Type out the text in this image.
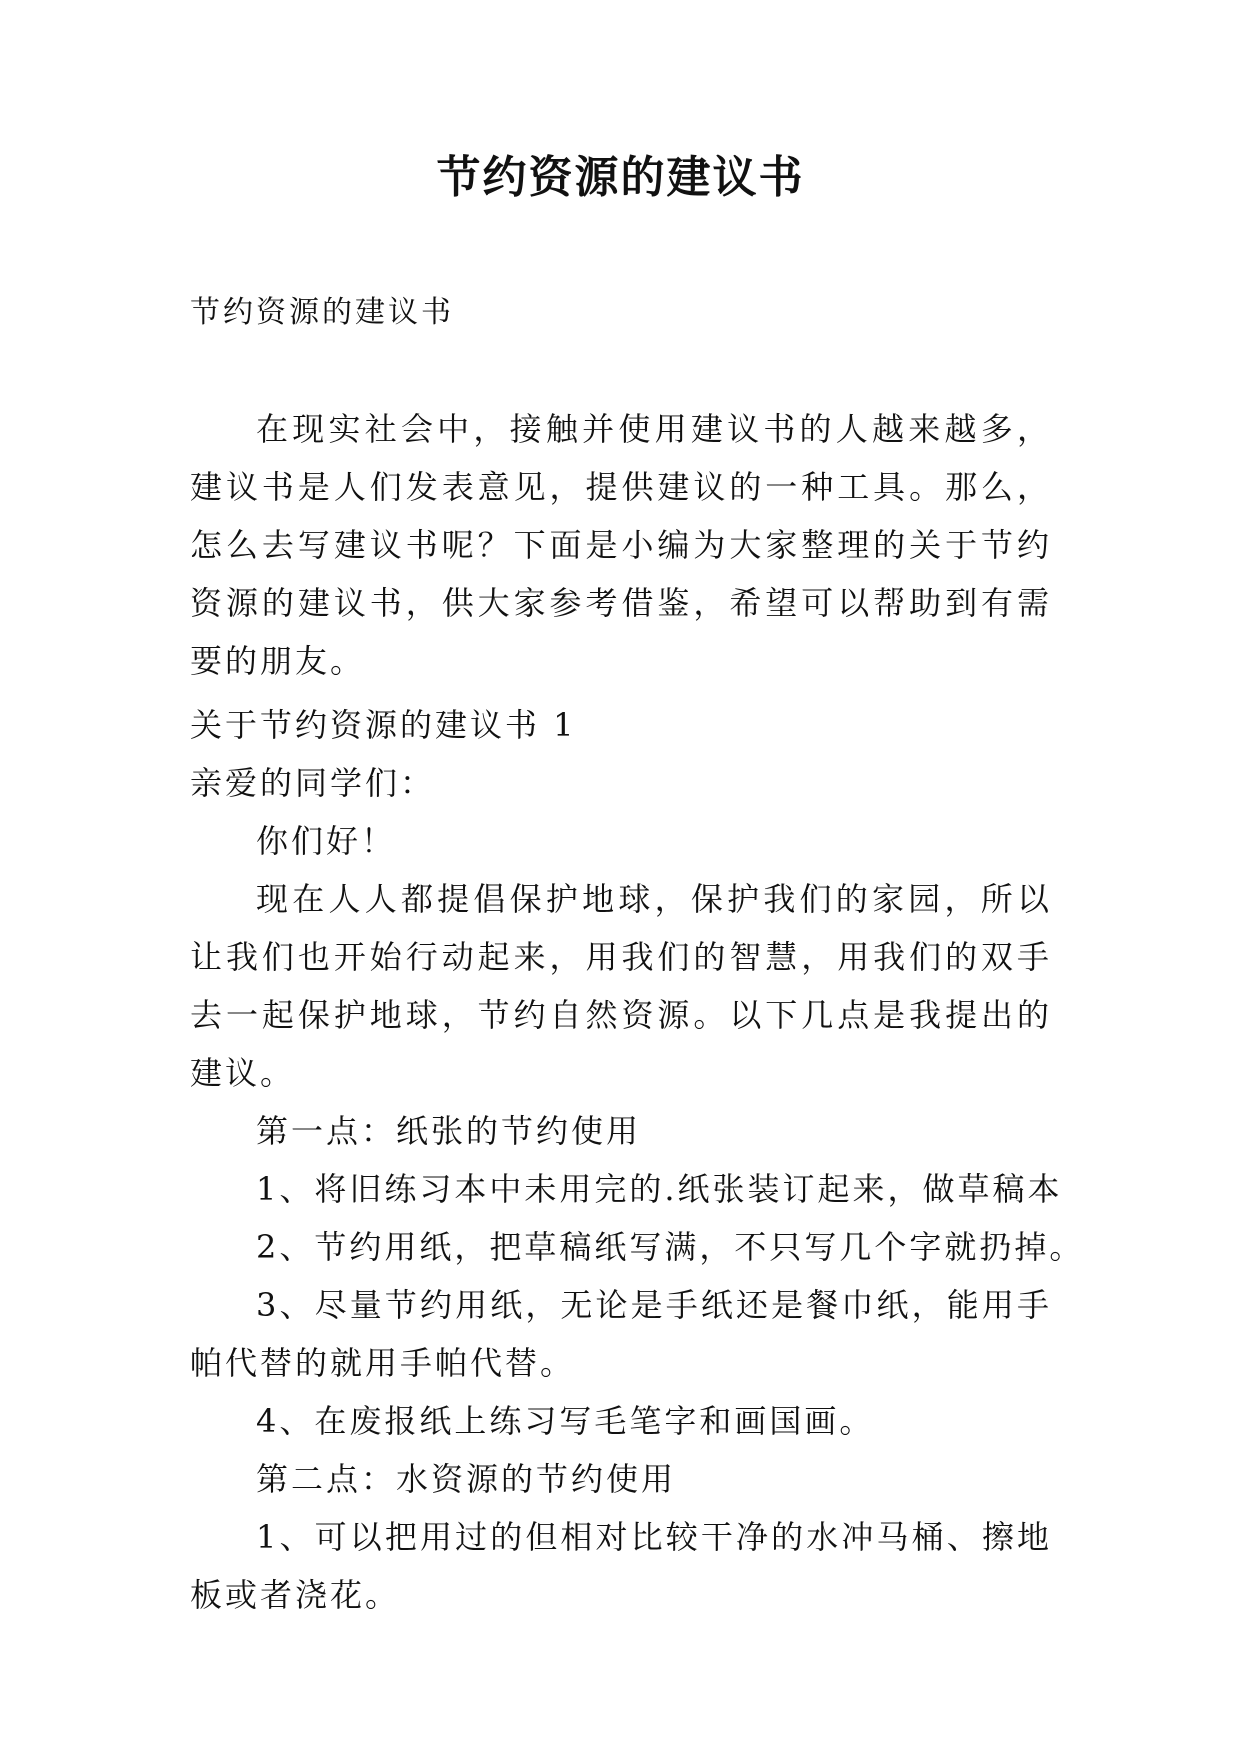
节约资源的建议书
节约资源的建议书
在现实社会中，接触并使用建议书的人越来越多，建议书是人们发表意见，提供建议的一种工具。那么，怎么去写建议书呢？下面是小编为大家整理的关于节约资源的建议书，供大家参考借鉴，希望可以帮助到有需要的朋友。
关于节约资源的建议书 1
亲爱的同学们：
你们好！
现在人人都提倡保护地球，保护我们的家园，所以让我们也开始行动起来，用我们的智慧，用我们的双手去一起保护地球，节约自然资源。以下几点是我提出的建议。
第一点：纸张的节约使用
1、将旧练习本中未用完的.纸张装订起来，做草稿本
2、节约用纸，把草稿纸写满，不只写几个字就扔掉。
3、尽量节约用纸，无论是手纸还是餐巾纸，能用手帕代替的就用手帕代替。
4、在废报纸上练习写毛笔字和画国画。
第二点：水资源的节约使用
1、可以把用过的但相对比较干净的水冲马桶、擦地板或者浇花。
